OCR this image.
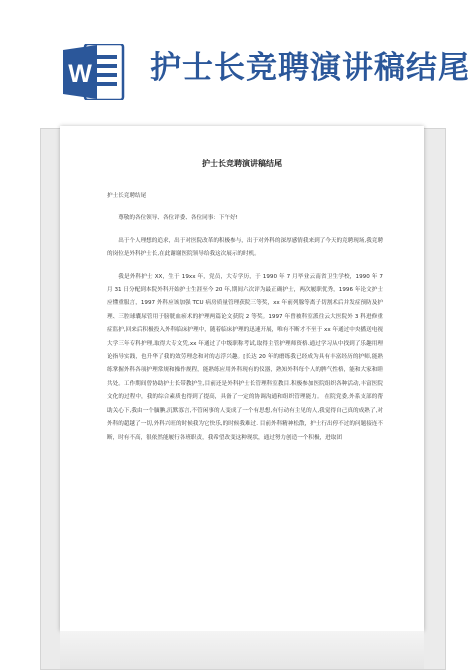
W 护士长竞聘演讲稿结尾
护士长竞聘演讲稿结尾

护士长竞聘结尾

尊敬的各位领导、各位评委、各位同事：下午好!

出于个人理想的追求，出于对医院改革的积极参与，出于对外科的深厚感情我来到了今天的竞聘现场,我竞聘的岗位是外科护士长,在此谢谢医院领导给我这次展示的时机。

我是外科护士 XX，生于 19xx 年，党员，大专学历，于 1990 年 7 月毕业云南省卫生学校，1990 年 7 月 31 日分配到本院外科开始护士生涯至今 20 年,期间六次评为最正确护士，两次履职优秀，1996 年论文护士应懂重服言，1997 外科应该加强 TCU 病房质量管理获院三等奖，xx 年前列腺等离子切割术后并发症预防及护理、三腔球囊尿管用于膀胱血瘀术的护理两篇论文获院 2 等奖。1997 年曾被科室派往云大医院外 3 科进修重症监护,回来后积极投入外科临床护理中，随着临床护理的迅速开展，唯有不断才不至于 xx 年通过中央播送电视大学三年专科护理,取得大专文凭,xx 年通过了中级职称考试,取得主管护理师资格.通过学习从中找到了乐趣用理论指导实践，也升华了我的效劳理念和对的志浮兴趣。[长达 20 年的磨练我已经成为具有丰富经历的护师,能熟练掌握外科各项护理常规和操作规程，能熟练应用外科现有的仪器，熟知外科每个人的脾气性格，能和大家和睦共处。工作期间曾协助护士长带教护生,目前还是外科护士长管理科室教目.积极参加医院组织各种活动,丰富医院文化的过程中，我的综合素质也得到了提高，具备了一定的协调沟通和组织管理能力。 在院党委,外系支部的帮助关心下,我由一个腼腆,沉默寡言,不管闲事的人变成了一个有思想,有行动有主见的人,我觉得自己真的成熟了,对外科的超越了一切,外科兴旺的时候我为它快乐,的时候我难过. 目前外科精神松散，护士行出停不过的问题接连不断，时有不高，很依然能履行各班职责，我希望改变这种现状，通过努力创造一个积极，进取团
